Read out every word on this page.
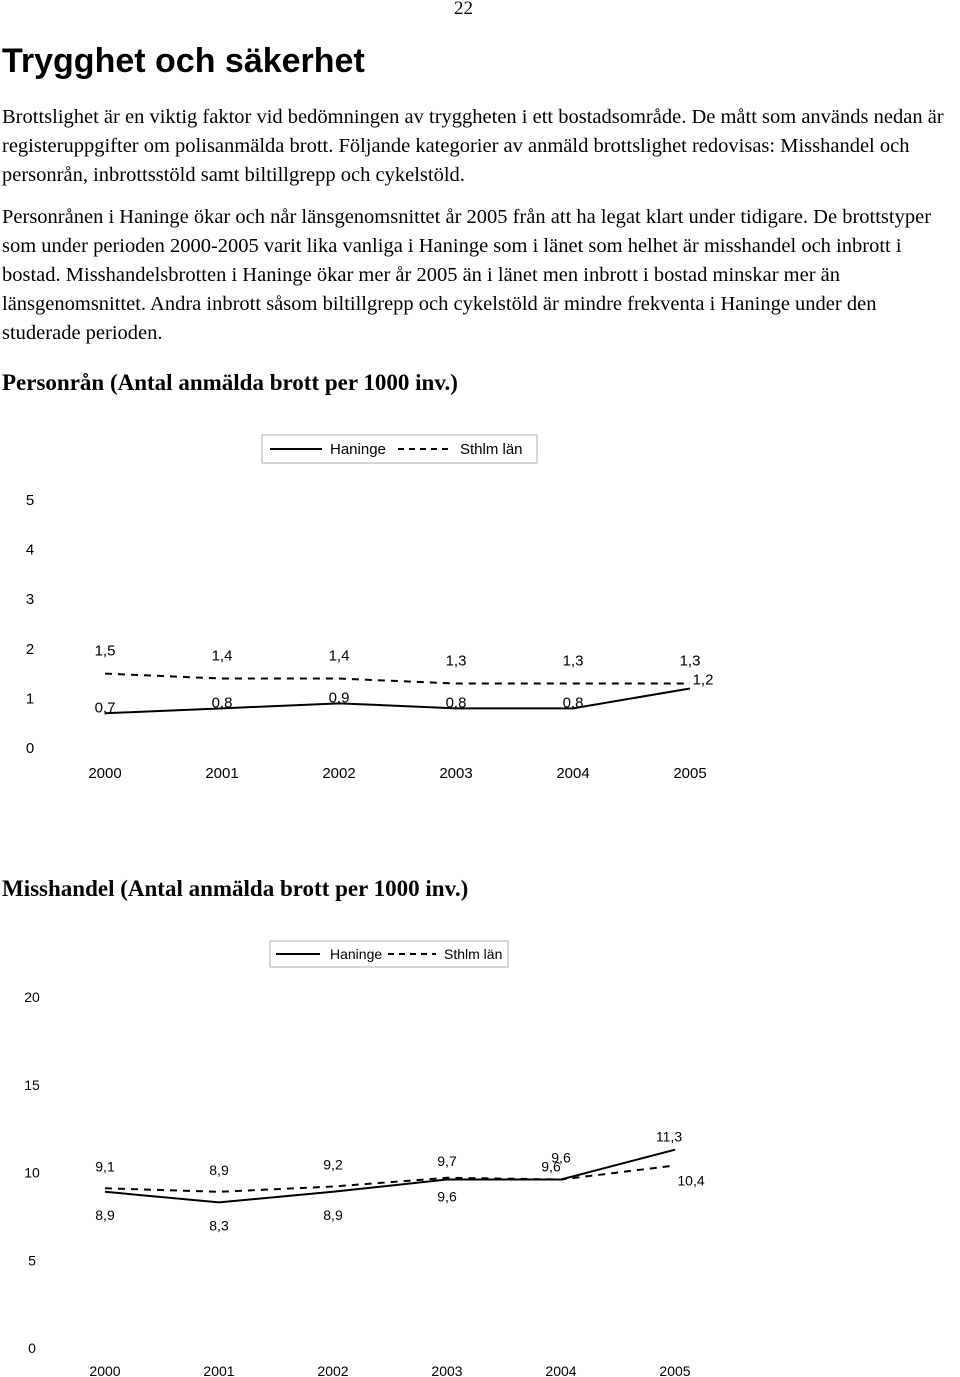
22
Trygghet och säkerhet

Brottslighet är en viktig faktor vid bedömningen av tryggheten i ett bostadsområde. De mått som används nedan är registeruppgifter om polisanmälda brott. Följande kategorier av anmäld brottslighet redovisas: Misshandel och personrån, inbrottsstöld samt biltillgrepp och cykelstöld.

Personrånen i Haninge ökar och når länsgenomsnittet år 2005 från att ha legat klart under tidigare. De brottstyper som under perioden 2000-2005 varit lika vanliga i Haninge som i länet som helhet är misshandel och inbrott i bostad. Misshandelsbrotten i Haninge ökar mer år 2005 än i länet men inbrott i bostad minskar mer än länsgenomsnittet. Andra inbrott såsom biltillgrepp och cykelstöld är mindre frekventa i Haninge under den studerade perioden.

Personrån (Antal anmälda brott per 1000 inv.)
Haninge	Sthlm län
0
1
2
3
4
5
2000	2001	2002	2003	2004	2005
0,7	0,8	0,9	0,8	0,8
1,2
1,5	1,4	1,4	1,3	1,3	1,3
Misshandel (Antal anmälda brott per 1000 inv.)
Haninge	Sthlm län
0
5
10
15
20
2000	2001	2002	2003	2004	2005
8,9
8,3
8,9
9,6
9,6
11,3
9,1	8,9	9,2	9,7	9,6
10,4
